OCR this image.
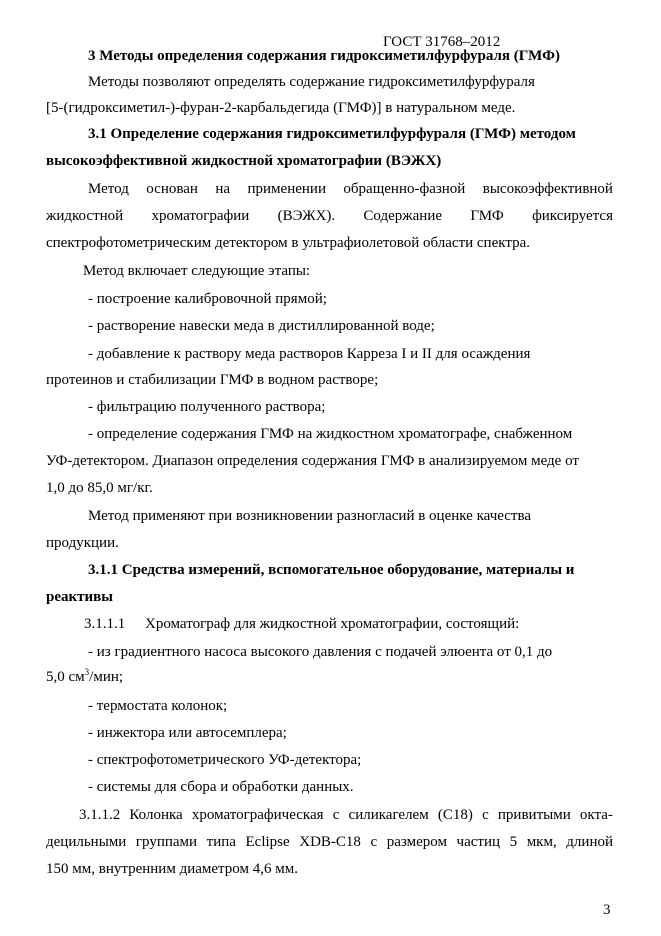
ГОСТ 31768–2012
3 Методы определения содержания гидроксиметилфурфураля (ГМФ)
Методы позволяют определять содержание гидроксиметилфурфураля
[5-(гидроксиметил-)-фуран-2-карбальдегида (ГМФ)] в натуральном меде.
3.1 Определение содержания гидроксиметилфурфураля (ГМФ) методом
высокоэффективной жидкостной хроматографии (ВЭЖХ)
Метод основан на применении обращенно-фазной высокоэффективной
жидкостной хроматографии (ВЭЖХ). Содержание ГМФ фиксируется
спектрофотометрическим детектором в ультрафиолетовой области спектра.
Метод включает следующие этапы:
- построение калибровочной прямой;
- растворение навески меда в дистиллированной воде;
- добавление к раствору меда растворов Карреза I и II для осаждения
протеинов и стабилизации ГМФ в водном растворе;
- фильтрацию полученного раствора;
- определение содержания ГМФ на жидкостном хроматографе, снабженном
УФ-детектором. Диапазон определения содержания ГМФ в анализируемом меде от
1,0 до 85,0 мг/кг.
Метод применяют при возникновении разногласий в оценке качества
продукции.
3.1.1 Средства измерений, вспомогательное оборудование, материалы и
реактивы
3.1.1.1 Хроматограф для жидкостной хроматографии, состоящий:
- из градиентного насоса высокого давления с подачей элюента от 0,1 до
5,0 $см^3$/мин;
- термостата колонок;
- инжектора или автосемплера;
- спектрофотометрического УФ-детектора;
- системы для сбора и обработки данных.
3.1.1.2 Колонка хроматографическая с силикагелем (С18) с привитыми окта-
децильными группами типа Eclipse XDB-C18 с размером частиц 5 мкм, длиной
150 мм, внутренним диаметром 4,6 мм.
3
